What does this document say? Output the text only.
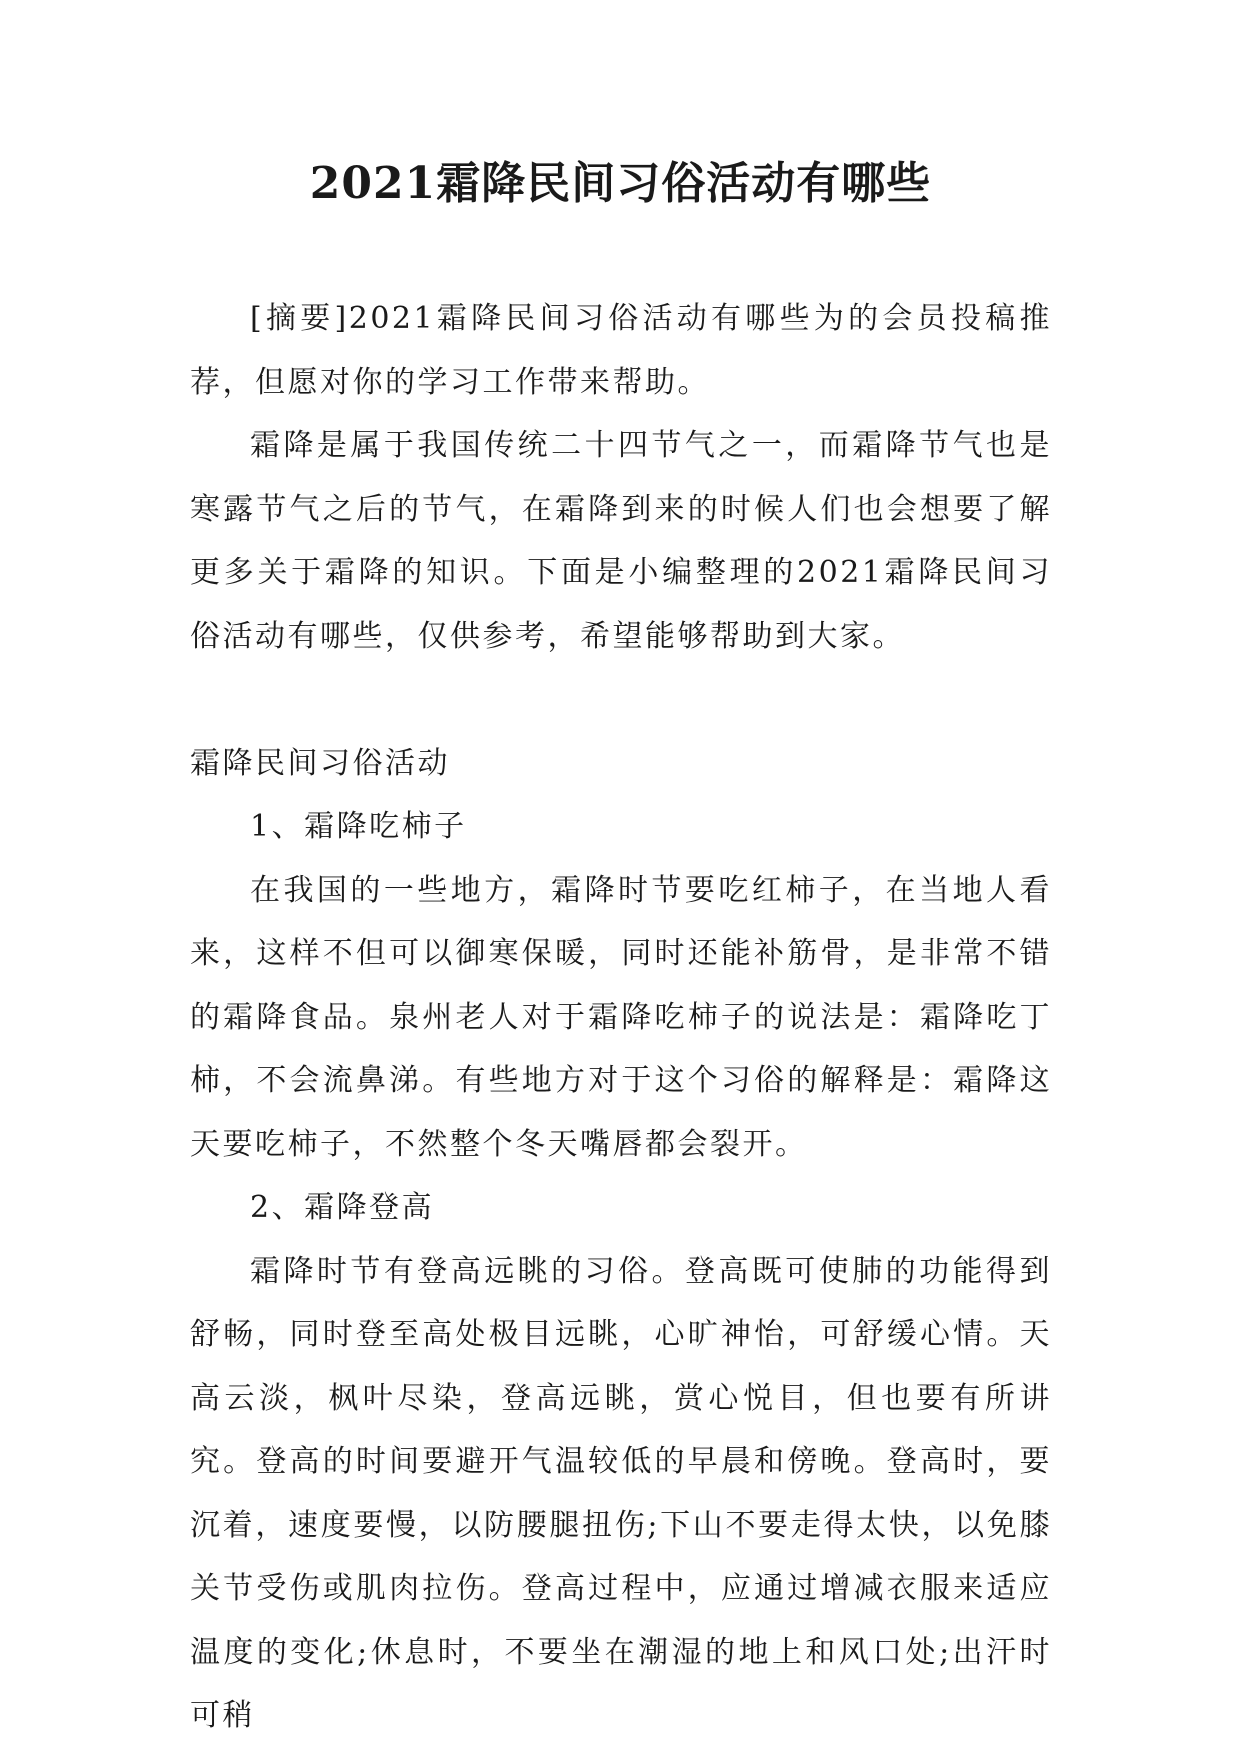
2021霜降民间习俗活动有哪些

[摘要]2021霜降民间习俗活动有哪些为的会员投稿推荐，但愿对你的学习工作带来帮助。

霜降是属于我国传统二十四节气之一，而霜降节气也是寒露节气之后的节气，在霜降到来的时候人们也会想要了解更多关于霜降的知识。下面是小编整理的2021霜降民间习俗活动有哪些，仅供参考，希望能够帮助到大家。

霜降民间习俗活动

1、霜降吃柿子

在我国的一些地方，霜降时节要吃红柿子，在当地人看来，这样不但可以御寒保暖，同时还能补筋骨，是非常不错的霜降食品。泉州老人对于霜降吃柿子的说法是：霜降吃丁柿，不会流鼻涕。有些地方对于这个习俗的解释是：霜降这天要吃柿子，不然整个冬天嘴唇都会裂开。

2、霜降登高

霜降时节有登高远眺的习俗。登高既可使肺的功能得到舒畅，同时登至高处极目远眺，心旷神怡，可舒缓心情。天高云淡，枫叶尽染，登高远眺，赏心悦目，但也要有所讲究。登高的时间要避开气温较低的早晨和傍晚。登高时，要沉着，速度要慢，以防腰腿扭伤;下山不要走得太快，以免膝关节受伤或肌肉拉伤。登高过程中，应通过增减衣服来适应温度的变化;休息时，不要坐在潮湿的地上和风口处;出汗时可稍
